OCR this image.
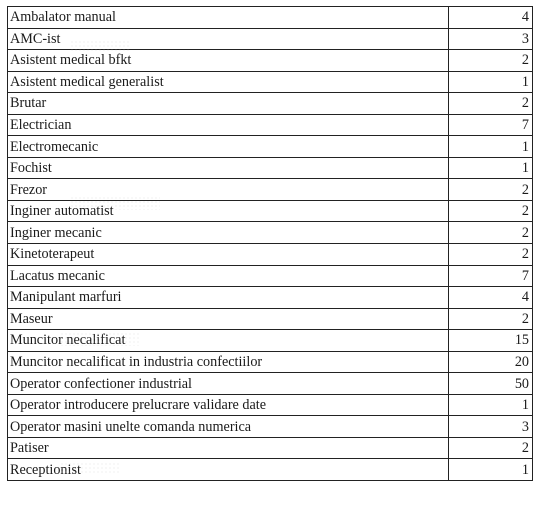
Ambalator manual	4
AMC-ist	3
Asistent medical bfkt	2
Asistent medical generalist	1
Brutar	2
Electrician	7
Electromecanic	1
Fochist	1
Frezor	2
Inginer automatist	2
Inginer mecanic	2
Kinetoterapeut	2
Lacatus mecanic	7
Manipulant marfuri	4
Maseur	2
Muncitor necalificat	15
Muncitor necalificat in industria confectiilor	20
Operator confectioner industrial	50
Operator introducere prelucrare validare date	1
Operator masini unelte comanda numerica	3
Patiser	2
Receptionist	1
